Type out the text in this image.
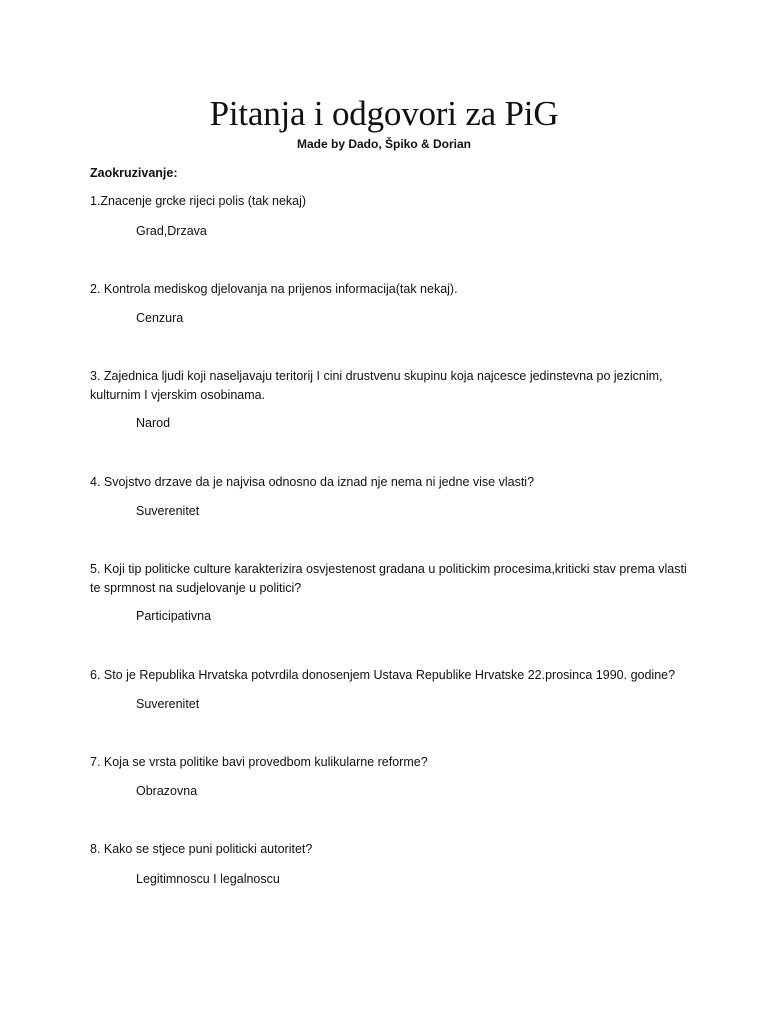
Pitanja i odgovori za PiG
Made by Dado, Špiko & Dorian
Zaokruzivanje:
1.Znacenje grcke rijeci polis (tak nekaj)
Grad,Drzava
2. Kontrola mediskog djelovanja na prijenos informacija(tak nekaj).
Cenzura
3. Zajednica ljudi koji naseljavaju teritorij I cini drustvenu skupinu koja najcesce jedinstevna po jezicnim, kulturnim I vjerskim osobinama.
Narod
4. Svojstvo drzave da je najvisa odnosno da iznad nje nema ni jedne vise vlasti?
Suverenitet
5. Koji tip politicke culture karakterizira osvjestenost gradana u politickim procesima,kriticki stav prema vlasti te sprmnost na sudjelovanje u politici?
Participativna
6. Sto je Republika Hrvatska potvrdila donosenjem Ustava Republike Hrvatske 22.prosinca 1990. godine?
Suverenitet
7. Koja se vrsta politike bavi provedbom kulikularne reforme?
Obrazovna
8. Kako se stjece puni politicki autoritet?
Legitimnoscu I legalnoscu
